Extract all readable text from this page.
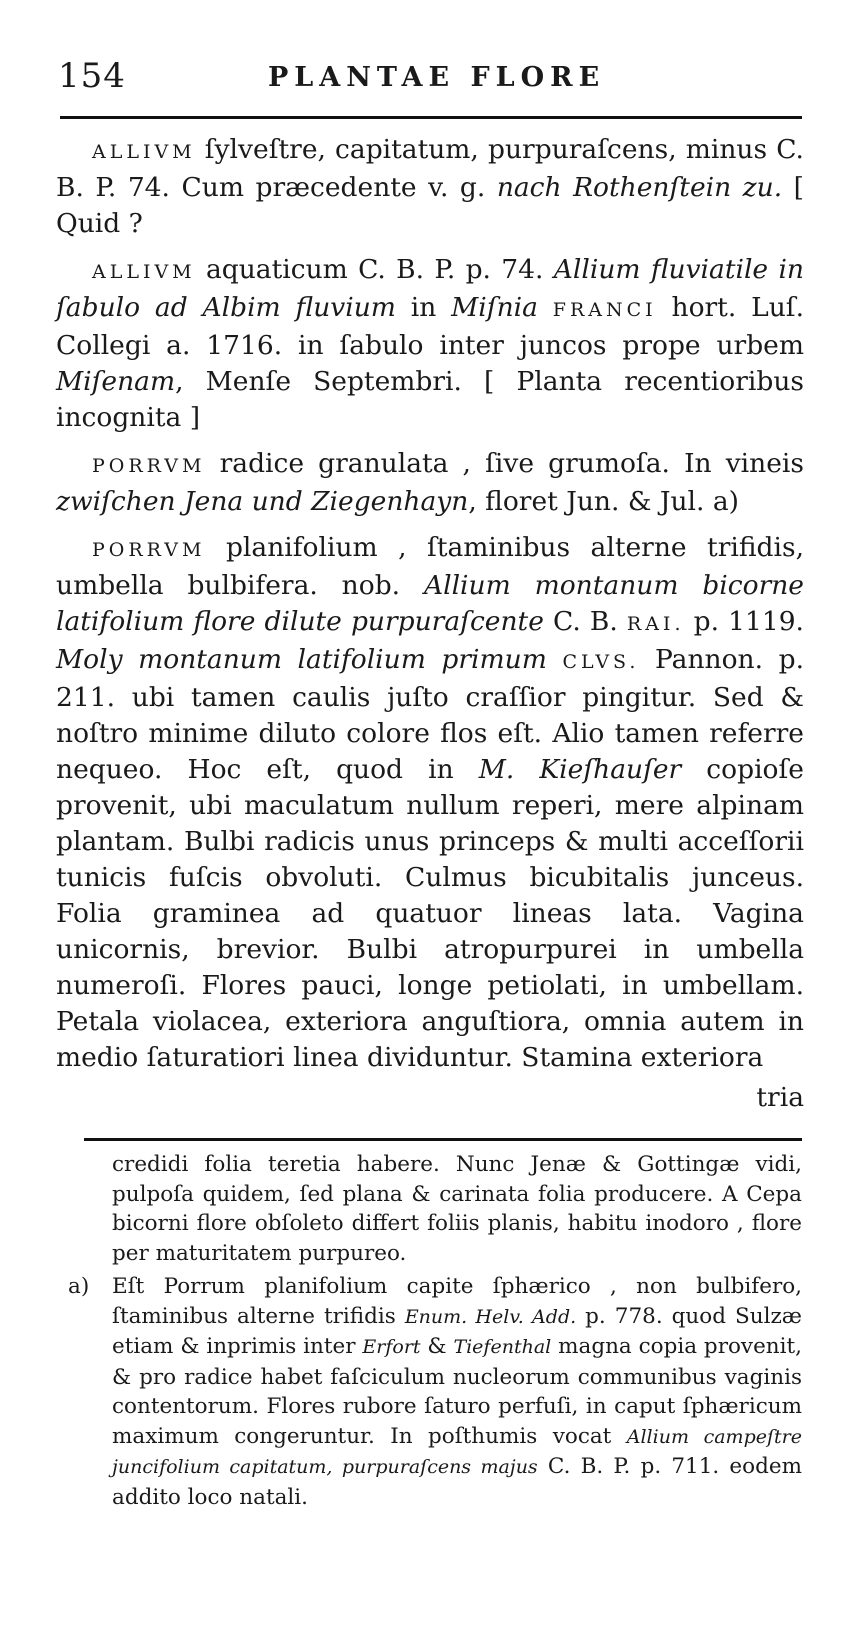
154	PLANTAE FLORE

ALLIVM ſylveſtre, capitatum, purpuraſcens, minus C. B. P. 74. Cum præcedente v. g. nach Rothenſtein zu. [ Quid ?

ALLIVM aquaticum C. B. P. p. 74. Allium fluviatile in ſabulo ad Albim fluvium in Miſnia FRANCI hort. Luſ. Collegi a. 1716. in ſabulo inter juncos prope urbem Miſenam, Menſe Septembri. [ Planta recentioribus incognita ]

PORRVM radice granulata , ſive grumoſa. In vineis zwiſchen Jena und Ziegenhayn, floret Jun. & Jul. a)

PORRVM planifolium , ſtaminibus alterne trifidis, umbella bulbifera. nob. Allium montanum bicorne latifolium flore dilute purpuraſcente C. B. RAI. p. 1119. Moly montanum latifolium primum CLVS. Pannon. p. 211. ubi tamen caulis juſto craſſior pingitur. Sed & noſtro minime diluto colore flos eſt. Alio tamen referre nequeo. Hoc eſt, quod in M. Kieſhauſer copioſe provenit, ubi maculatum nullum reperi, mere alpinam plantam. Bulbi radicis unus princeps & multi acceſſorii tunicis fuſcis obvoluti. Culmus bicubitalis junceus. Folia graminea ad quatuor lineas lata. Vagina unicornis, brevior. Bulbi atropurpurei in umbella numeroſi. Flores pauci, longe petiolati, in umbellam. Petala violacea, exteriora anguſtiora, omnia autem in medio ſaturatiori linea dividuntur. Stamina exteriora

tria

credidi folia teretia habere. Nunc Jenæ & Gottingæ vidi, pulpoſa quidem, ſed plana & carinata folia producere. A Cepa bicorni flore obſoleto differt foliis planis, habitu inodoro , flore per maturitatem purpureo.

a) Eſt Porrum planifolium capite ſphærico , non bulbifero, ſtaminibus alterne trifidis Enum. Helv. Add. p. 778. quod Sulzæ etiam & inprimis inter Erfort & Tiefenthal magna copia provenit, & pro radice habet faſciculum nucleorum communibus vaginis contentorum. Flores rubore ſaturo perfuſi, in caput ſphæricum maximum congeruntur. In poſthumis vocat Allium campeſtre juncifolium capitatum, purpuraſcens majus C. B. P. p. 711. eodem addito loco natali.
